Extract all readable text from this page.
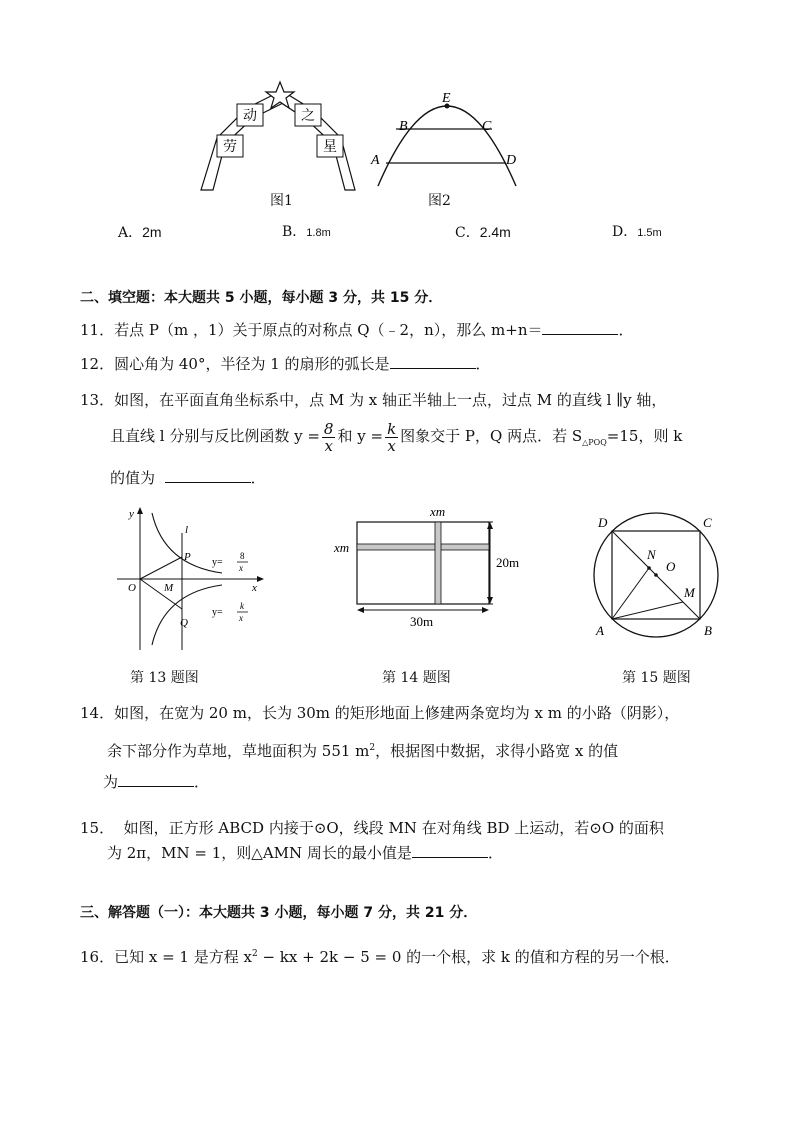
劳
动	之
星
图1
E
B	C
A	D
图2
A．2m	B．1.8m	C．2.4m	D．1.5m
二、填空题：本大题共 5 小题，每小题 3 分，共 15 分．
11．若点 P（m ，1）关于原点的对称点 Q（﹣2，n），那么 m+n＝	．
12．圆心角为 40°，半径为 1 的扇形的弧长是	．
13．如图，在平面直角坐标系中，点 M 为 x 轴正半轴上一点，过点 M 的直线 l ∥y 轴，
且直线 l 分别与反比例函数 $y = \frac{8}{x}$ 和 $y = \frac{k}{x}$ 图象交于 P，Q 两点．若 $S_{\triangle POQ}=15$，则 k
的值为	．
y
l
P
O	M	x
Q
y=
8
x
y=
k
x
第 13 题图
xm
xm
20m
30m
第 14 题图
D	C
N
O
M
A	B
第 15 题图
14．如图，在宽为 20 m，长为 30m 的矩形地面上修建两条宽均为 x m 的小路（阴影），
余下部分作为草地，草地面积为 551 $m^2$，根据图中数据，求得小路宽 x 的值
为	．
15． 如图，正方形 ABCD 内接于⊙O，线段 MN 在对角线 BD 上运动，若⊙O 的面积
为 2π，MN = 1，则△AMN 周长的最小值是	．
三、解答题（一）：本大题共 3 小题，每小题 7 分，共 21 分．
16．已知 x = 1 是方程 $x^2$ − kx + 2k − 5 = 0 的一个根，求 k 的值和方程的另一个根．
